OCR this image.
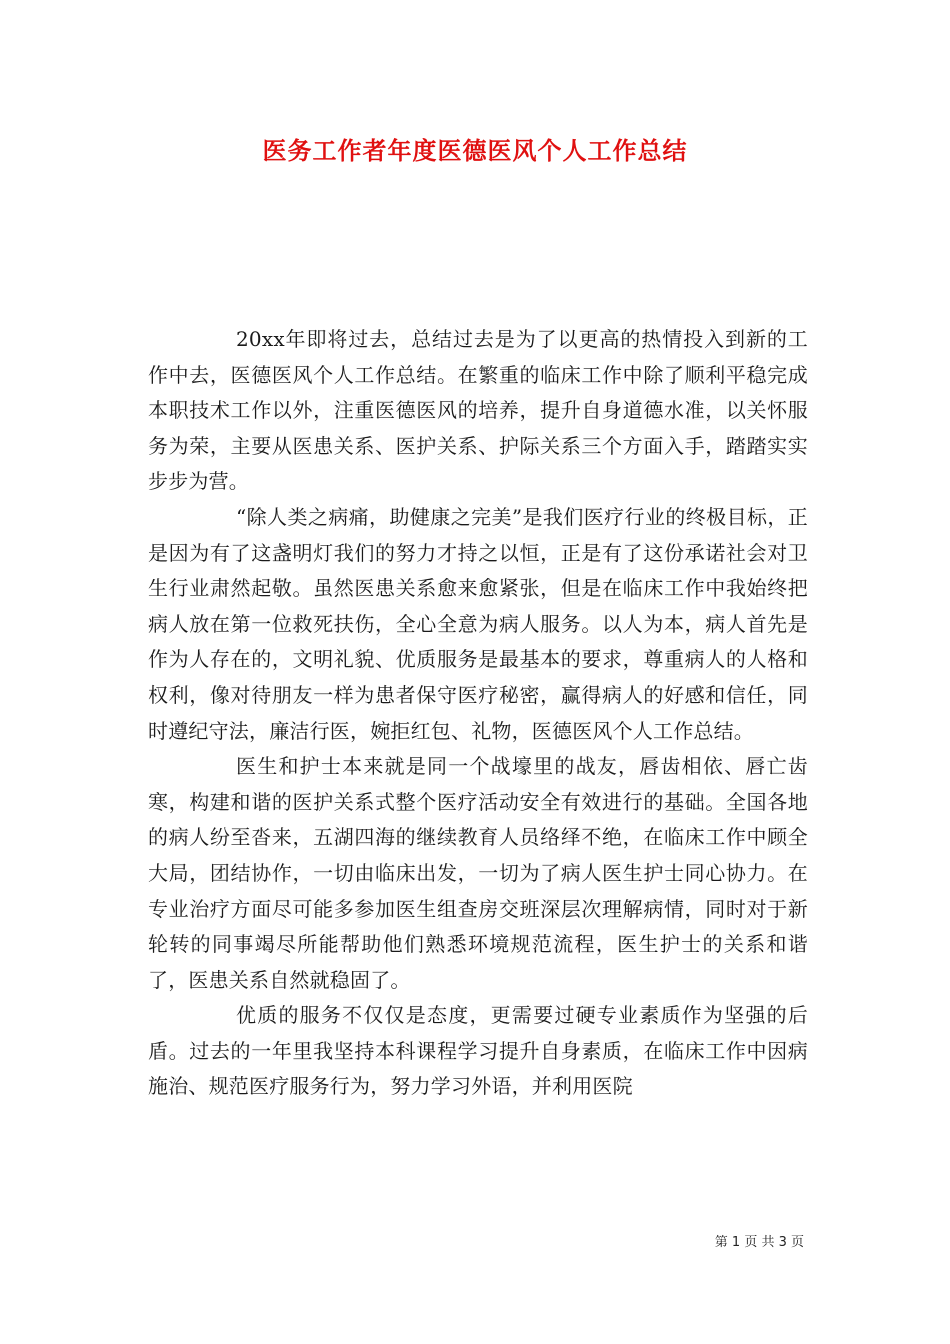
医务工作者年度医德医风个人工作总结

20xx年即将过去，总结过去是为了以更高的热情投入到新的工作中去，医德医风个人工作总结。在繁重的临床工作中除了顺利平稳完成本职技术工作以外，注重医德医风的培养，提升自身道德水准，以关怀服务为荣，主要从医患关系、医护关系、护际关系三个方面入手，踏踏实实步步为营。

“除人类之病痛，助健康之完美”是我们医疗行业的终极目标，正是因为有了这盏明灯我们的努力才持之以恒，正是有了这份承诺社会对卫生行业肃然起敬。虽然医患关系愈来愈紧张，但是在临床工作中我始终把病人放在第一位救死扶伤，全心全意为病人服务。以人为本，病人首先是作为人存在的，文明礼貌、优质服务是最基本的要求，尊重病人的人格和权利，像对待朋友一样为患者保守医疗秘密，赢得病人的好感和信任，同时遵纪守法，廉洁行医，婉拒红包、礼物，医德医风个人工作总结。

医生和护士本来就是同一个战壕里的战友，唇齿相依、唇亡齿寒，构建和谐的医护关系式整个医疗活动安全有效进行的基础。全国各地的病人纷至沓来，五湖四海的继续教育人员络绎不绝，在临床工作中顾全大局，团结协作，一切由临床出发，一切为了病人医生护士同心协力。在专业治疗方面尽可能多参加医生组查房交班深层次理解病情，同时对于新轮转的同事竭尽所能帮助他们熟悉环境规范流程，医生护士的关系和谐了，医患关系自然就稳固了。

优质的服务不仅仅是态度，更需要过硬专业素质作为坚强的后盾。过去的一年里我坚持本科课程学习提升自身素质，在临床工作中因病施治、规范医疗服务行为，努力学习外语，并利用医院

第 1 页 共 3 页
